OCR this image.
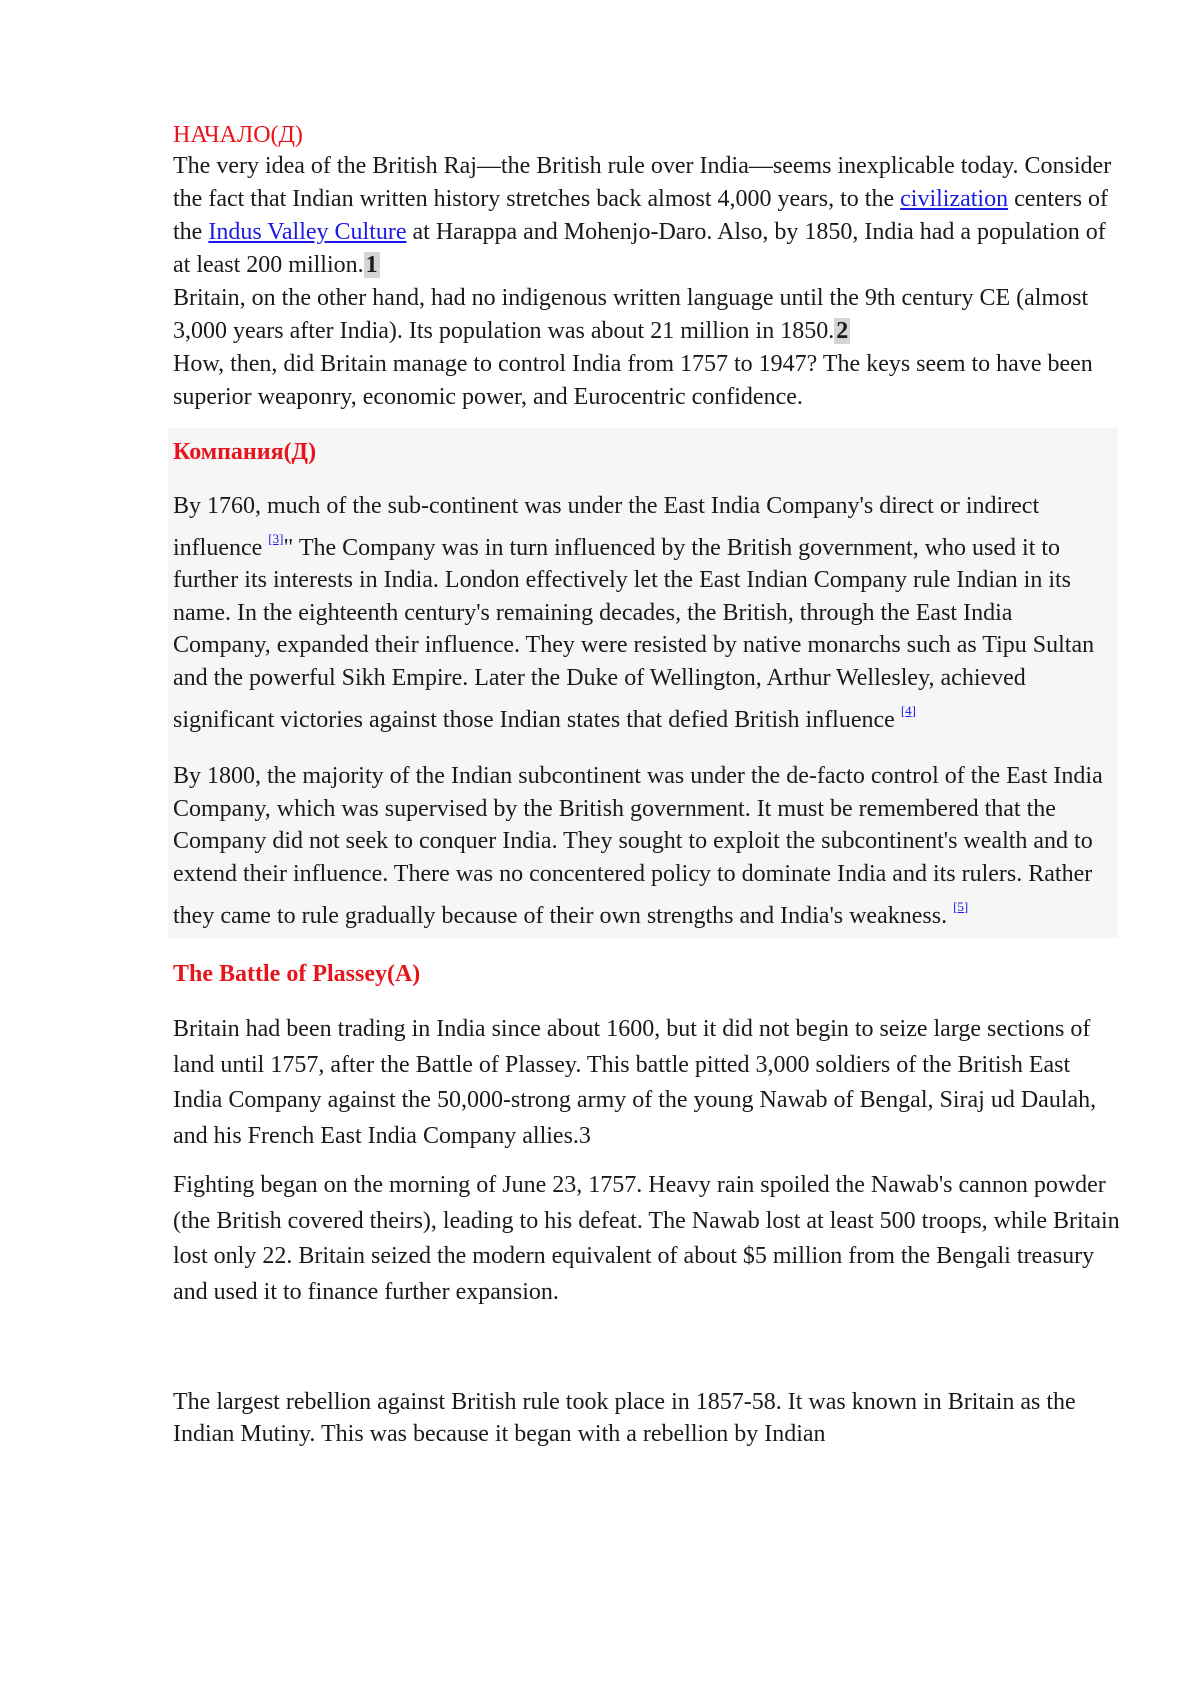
НАЧАЛО(Д)

The very idea of the British Raj—the British rule over India—seems inexplicable today. Consider the fact that Indian written history stretches back almost 4,000 years, to the civilization centers of the Indus Valley Culture at Harappa and Mohenjo-Daro. Also, by 1850, India had a population of at least 200 million.1
Britain, on the other hand, had no indigenous written language until the 9th century CE (almost 3,000 years after India). Its population was about 21 million in 1850.2
How, then, did Britain manage to control India from 1757 to 1947? The keys seem to have been superior weaponry, economic power, and Eurocentric confidence.

Компания(Д)

By 1760, much of the sub-continent was under the East India Company's direct or indirect influence [3]" The Company was in turn influenced by the British government, who used it to further its interests in India. London effectively let the East Indian Company rule Indian in its name. In the eighteenth century's remaining decades, the British, through the East India Company, expanded their influence. They were resisted by native monarchs such as Tipu Sultan and the powerful Sikh Empire. Later the Duke of Wellington, Arthur Wellesley, achieved significant victories against those Indian states that defied British influence [4]

By 1800, the majority of the Indian subcontinent was under the de-facto control of the East India Company, which was supervised by the British government. It must be remembered that the Company did not seek to conquer India. They sought to exploit the subcontinent's wealth and to extend their influence. There was no concentered policy to dominate India and its rulers. Rather they came to rule gradually because of their own strengths and India's weakness. [5]

The Battle of Plassey(A)

Britain had been trading in India since about 1600, but it did not begin to seize large sections of land until 1757, after the Battle of Plassey. This battle pitted 3,000 soldiers of the British East India Company against the 50,000-strong army of the young Nawab of Bengal, Siraj ud Daulah, and his French East India Company allies.3

Fighting began on the morning of June 23, 1757. Heavy rain spoiled the Nawab's cannon powder (the British covered theirs), leading to his defeat. The Nawab lost at least 500 troops, while Britain lost only 22. Britain seized the modern equivalent of about $5 million from the Bengali treasury and used it to finance further expansion.

The largest rebellion against British rule took place in 1857-58. It was known in Britain as the Indian Mutiny. This was because it began with a rebellion by Indian
